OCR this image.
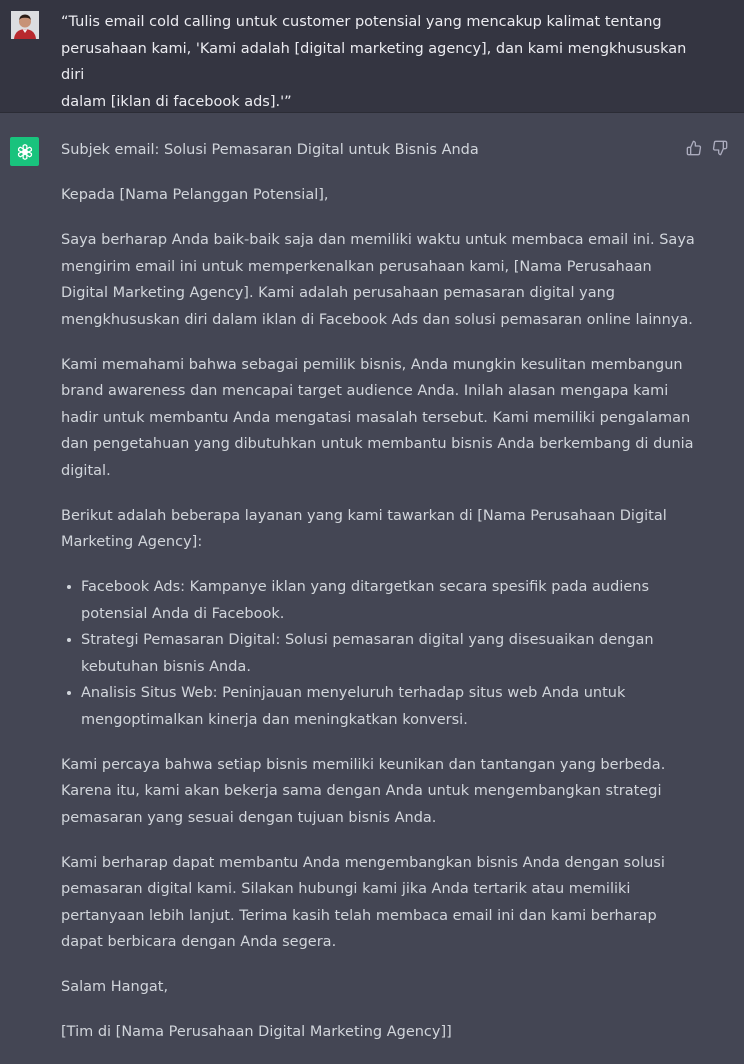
“Tulis email cold calling untuk customer potensial yang mencakup kalimat tentang
perusahaan kami, 'Kami adalah [digital marketing agency], dan kami mengkhususkan diri
dalam [iklan di facebook ads].'”

Subjek email: Solusi Pemasaran Digital untuk Bisnis Anda

Kepada [Nama Pelanggan Potensial],

Saya berharap Anda baik-baik saja dan memiliki waktu untuk membaca email ini. Saya mengirim email ini untuk memperkenalkan perusahaan kami, [Nama Perusahaan Digital Marketing Agency]. Kami adalah perusahaan pemasaran digital yang mengkhususkan diri dalam iklan di Facebook Ads dan solusi pemasaran online lainnya.

Kami memahami bahwa sebagai pemilik bisnis, Anda mungkin kesulitan membangun brand awareness dan mencapai target audience Anda. Inilah alasan mengapa kami hadir untuk membantu Anda mengatasi masalah tersebut. Kami memiliki pengalaman dan pengetahuan yang dibutuhkan untuk membantu bisnis Anda berkembang di dunia digital.

Berikut adalah beberapa layanan yang kami tawarkan di [Nama Perusahaan Digital Marketing Agency]:

Facebook Ads: Kampanye iklan yang ditargetkan secara spesifik pada audiens potensial Anda di Facebook.
Strategi Pemasaran Digital: Solusi pemasaran digital yang disesuaikan dengan kebutuhan bisnis Anda.
Analisis Situs Web: Peninjauan menyeluruh terhadap situs web Anda untuk mengoptimalkan kinerja dan meningkatkan konversi.

Kami percaya bahwa setiap bisnis memiliki keunikan dan tantangan yang berbeda. Karena itu, kami akan bekerja sama dengan Anda untuk mengembangkan strategi pemasaran yang sesuai dengan tujuan bisnis Anda.

Kami berharap dapat membantu Anda mengembangkan bisnis Anda dengan solusi pemasaran digital kami. Silakan hubungi kami jika Anda tertarik atau memiliki pertanyaan lebih lanjut. Terima kasih telah membaca email ini dan kami berharap dapat berbicara dengan Anda segera.

Salam Hangat,

[Tim di [Nama Perusahaan Digital Marketing Agency]]
